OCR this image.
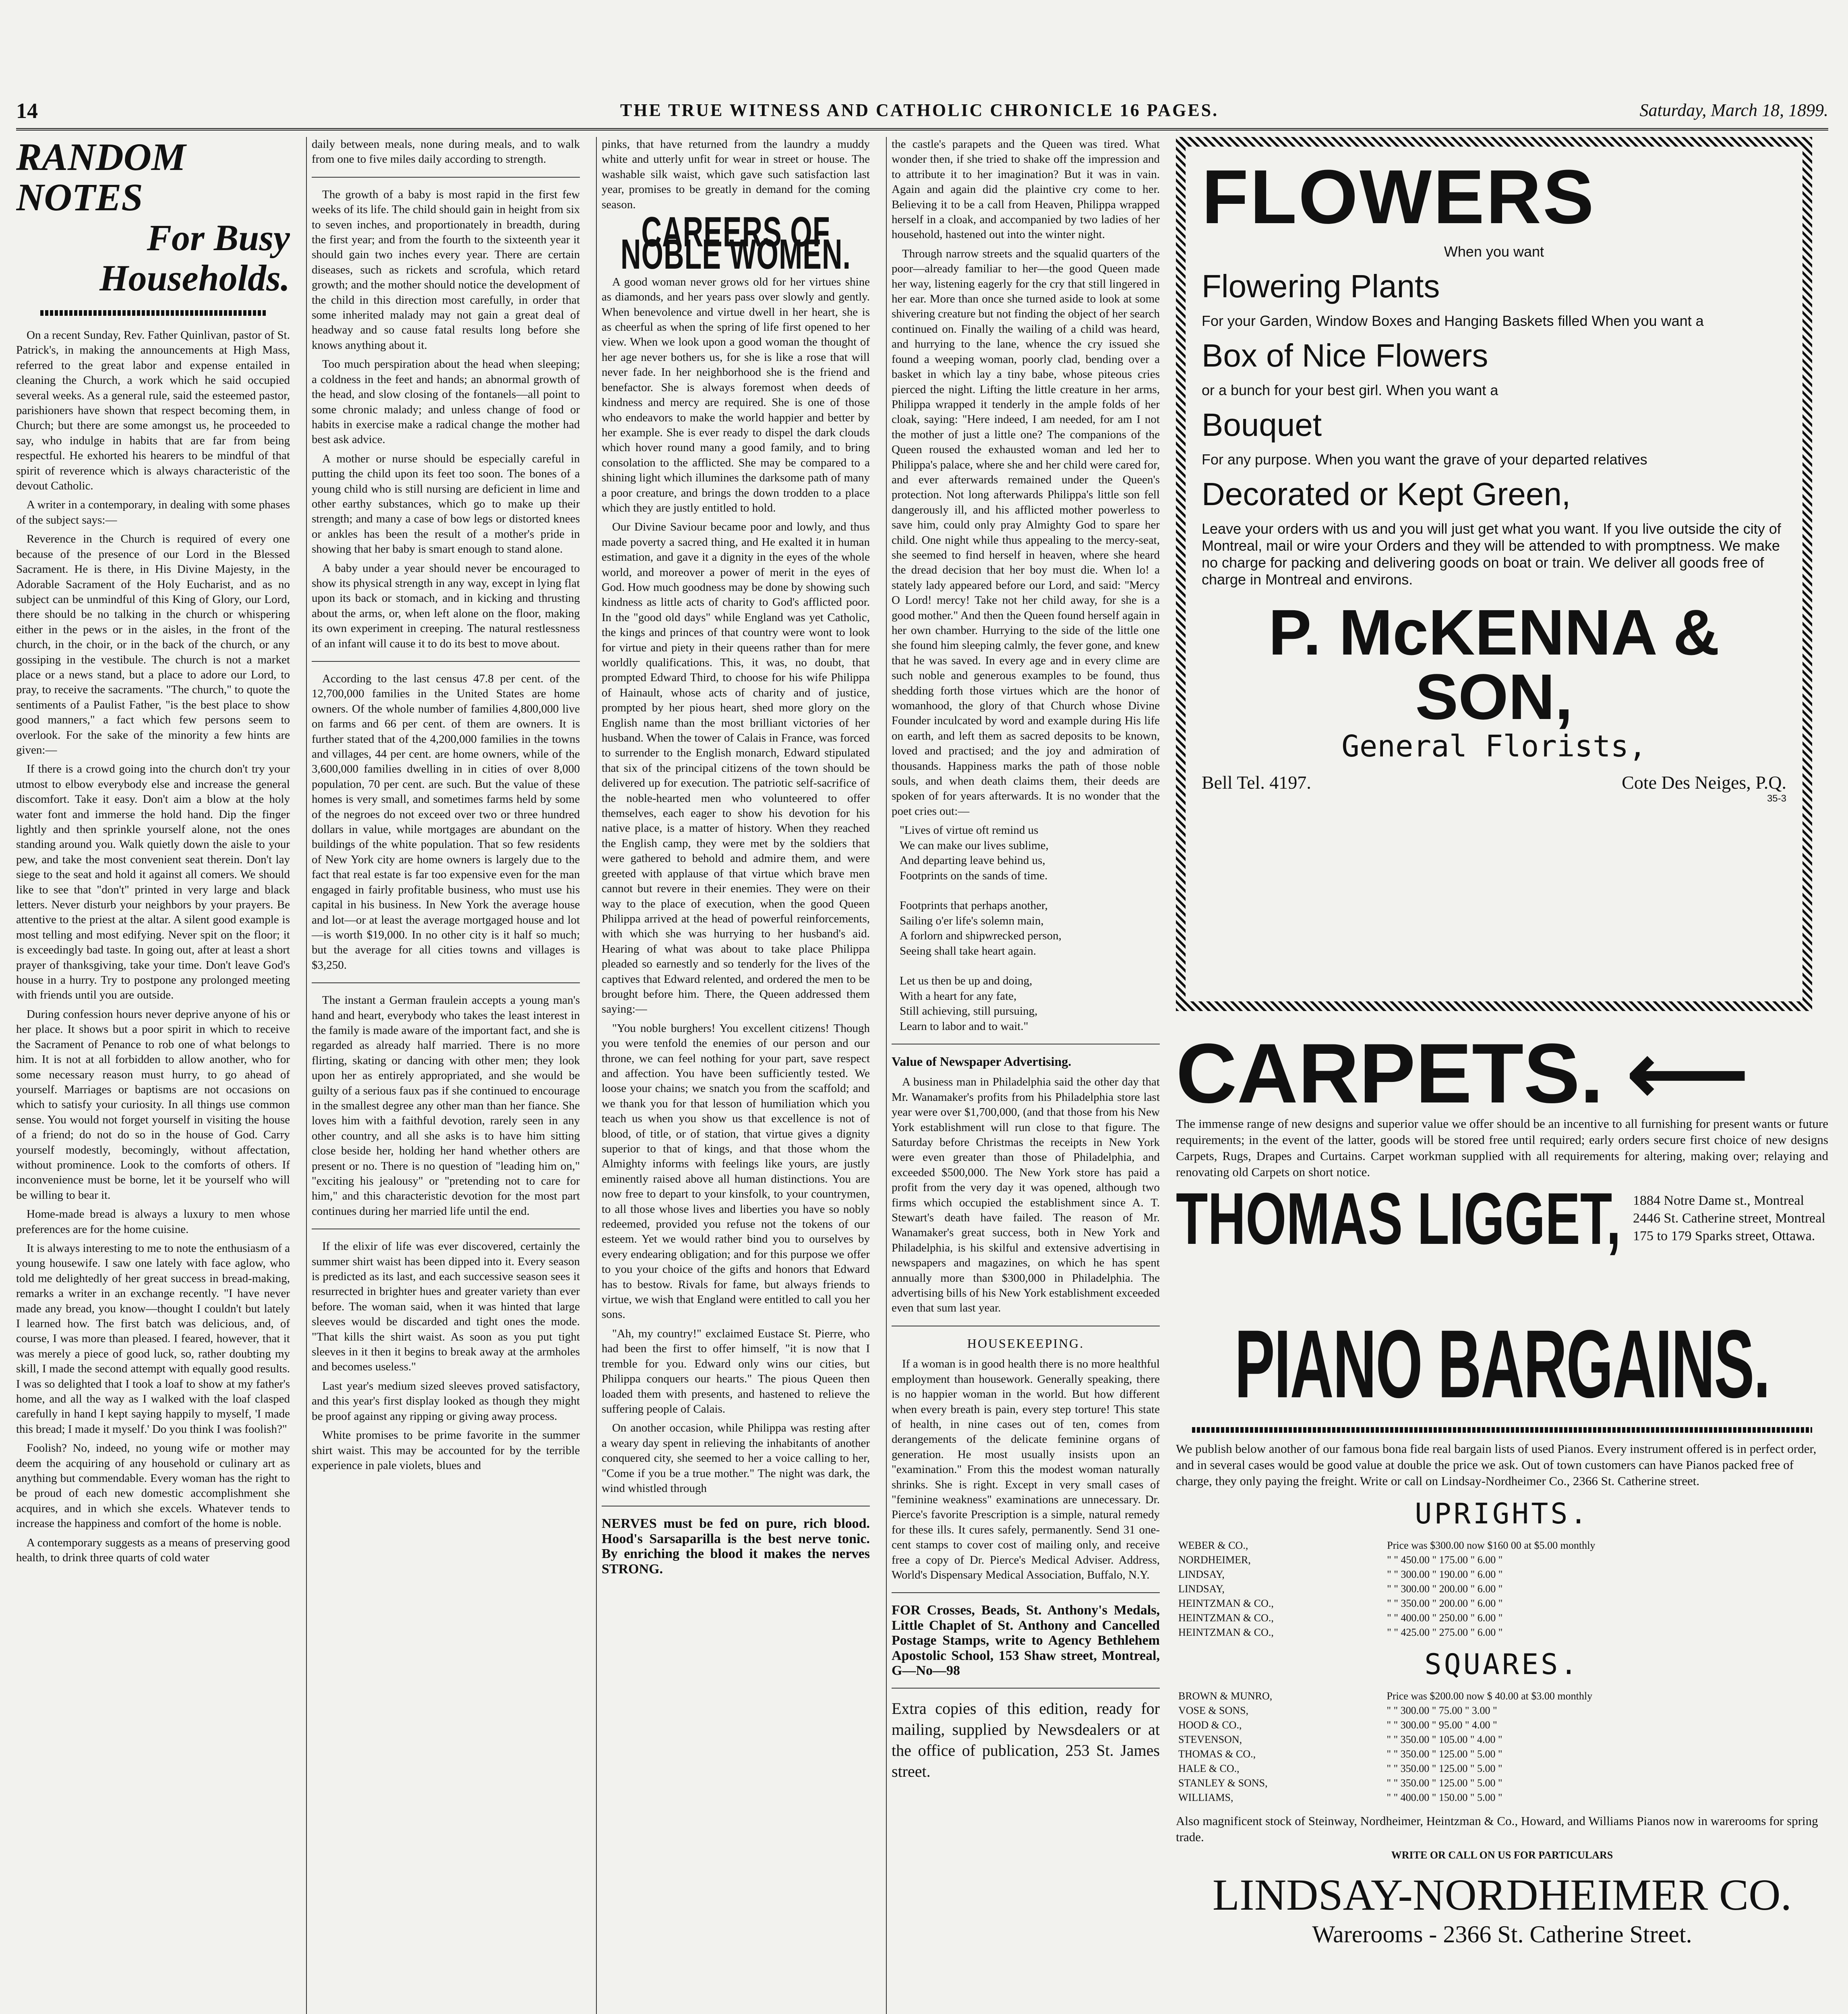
14	THE TRUE WITNESS AND CATHOLIC CHRONICLE 16 PAGES.	Saturday, March 18, 1899.
RANDOM NOTES
For Busy Households.

On a recent Sunday, Rev. Father Quinlivan, pastor of St. Patrick's, in making the announcements at High Mass, referred to the great labor and expense entailed in cleaning the Church, a work which he said occupied several weeks. As a general rule, said the esteemed pastor, parishioners have shown that respect becoming them, in Church; but there are some amongst us, he proceeded to say, who indulge in habits that are far from being respectful. He exhorted his hearers to be mindful of that spirit of reverence which is always characteristic of the devout Catholic.

A writer in a contemporary, in dealing with some phases of the subject says:—

Reverence in the Church is required of every one because of the presence of our Lord in the Blessed Sacrament. He is there, in His Divine Majesty, in the Adorable Sacrament of the Holy Eucharist, and as no subject can be unmindful of this King of Glory, our Lord, there should be no talking in the church or whispering either in the pews or in the aisles, in the front of the church, in the choir, or in the back of the church, or any gossiping in the vestibule. The church is not a market place or a news stand, but a place to adore our Lord, to pray, to receive the sacraments. "The church," to quote the sentiments of a Paulist Father, "is the best place to show good manners," a fact which few persons seem to overlook. For the sake of the minority a few hints are given:—

If there is a crowd going into the church don't try your utmost to elbow everybody else and increase the general discomfort. Take it easy. Don't aim a blow at the holy water font and immerse the hold hand. Dip the finger lightly and then sprinkle yourself alone, not the ones standing around you. Walk quietly down the aisle to your pew, and take the most convenient seat therein. Don't lay siege to the seat and hold it against all comers. We should like to see that "don't" printed in very large and black letters. Never disturb your neighbors by your prayers. Be attentive to the priest at the altar. A silent good example is most telling and most edifying. Never spit on the floor; it is exceedingly bad taste. In going out, after at least a short prayer of thanksgiving, take your time. Don't leave God's house in a hurry. Try to postpone any prolonged meeting with friends until you are outside.

During confession hours never deprive anyone of his or her place. It shows but a poor spirit in which to receive the Sacrament of Penance to rob one of what belongs to him. It is not at all forbidden to allow another, who for some necessary reason must hurry, to go ahead of yourself. Marriages or baptisms are not occasions on which to satisfy your curiosity. In all things use common sense. You would not forget yourself in visiting the house of a friend; do not do so in the house of God. Carry yourself modestly, becomingly, without affectation, without prominence. Look to the comforts of others. If inconvenience must be borne, let it be yourself who will be willing to bear it.

Home-made bread is always a luxury to men whose preferences are for the home cuisine.

It is always interesting to me to note the enthusiasm of a young housewife. I saw one lately with face aglow, who told me delightedly of her great success in bread-making, remarks a writer in an exchange recently. "I have never made any bread, you know—thought I couldn't but lately I learned how. The first batch was delicious, and, of course, I was more than pleased. I feared, however, that it was merely a piece of good luck, so, rather doubting my skill, I made the second attempt with equally good results. I was so delighted that I took a loaf to show at my father's home, and all the way as I walked with the loaf clasped carefully in hand I kept saying happily to myself, 'I made this bread; I made it myself.' Do you think I was foolish?"

Foolish? No, indeed, no young wife or mother may deem the acquiring of any household or culinary art as anything but commendable. Every woman has the right to be proud of each new domestic accomplishment she acquires, and in which she excels. Whatever tends to increase the happiness and comfort of the home is noble.

A contemporary suggests as a means of preserving good health, to drink three quarts of cold water

daily between meals, none during meals, and to walk from one to five miles daily according to strength.

The growth of a baby is most rapid in the first few weeks of its life. The child should gain in height from six to seven inches, and proportionately in breadth, during the first year; and from the fourth to the sixteenth year it should gain two inches every year. There are certain diseases, such as rickets and scrofula, which retard growth; and the mother should notice the development of the child in this direction most carefully, in order that some inherited malady may not gain a great deal of headway and so cause fatal results long before she knows anything about it.

Too much perspiration about the head when sleeping; a coldness in the feet and hands; an abnormal growth of the head, and slow closing of the fontanels—all point to some chronic malady; and unless change of food or habits in exercise make a radical change the mother had best ask advice.

A mother or nurse should be especially careful in putting the child upon its feet too soon. The bones of a young child who is still nursing are deficient in lime and other earthy substances, which go to make up their strength; and many a case of bow legs or distorted knees or ankles has been the result of a mother's pride in showing that her baby is smart enough to stand alone.

A baby under a year should never be encouraged to show its physical strength in any way, except in lying flat upon its back or stomach, and in kicking and thrusting about the arms, or, when left alone on the floor, making its own experiment in creeping. The natural restlessness of an infant will cause it to do its best to move about.

According to the last census 47.8 per cent. of the 12,700,000 families in the United States are home owners. Of the whole number of families 4,800,000 live on farms and 66 per cent. of them are owners. It is further stated that of the 4,200,000 families in the towns and villages, 44 per cent. are home owners, while of the 3,600,000 families dwelling in in cities of over 8,000 population, 70 per cent. are such. But the value of these homes is very small, and sometimes farms held by some of the negroes do not exceed over two or three hundred dollars in value, while mortgages are abundant on the buildings of the white population. That so few residents of New York city are home owners is largely due to the fact that real estate is far too expensive even for the man engaged in fairly profitable business, who must use his capital in his business. In New York the average house and lot—or at least the average mortgaged house and lot—is worth $19,000. In no other city is it half so much; but the average for all cities towns and villages is $3,250.

The instant a German fraulein accepts a young man's hand and heart, everybody who takes the least interest in the family is made aware of the important fact, and she is regarded as already half married. There is no more flirting, skating or dancing with other men; they look upon her as entirely appropriated, and she would be guilty of a serious faux pas if she continued to encourage in the smallest degree any other man than her fiance. She loves him with a faithful devotion, rarely seen in any other country, and all she asks is to have him sitting close beside her, holding her hand whether others are present or no. There is no question of "leading him on," "exciting his jealousy" or "pretending not to care for him," and this characteristic devotion for the most part continues during her married life until the end.

If the elixir of life was ever discovered, certainly the summer shirt waist has been dipped into it. Every season is predicted as its last, and each successive season sees it resurrected in brighter hues and greater variety than ever before. The woman said, when it was hinted that large sleeves would be discarded and tight ones the mode. "That kills the shirt waist. As soon as you put tight sleeves in it then it begins to break away at the armholes and becomes useless."

Last year's medium sized sleeves proved satisfactory, and this year's first display looked as though they might be proof against any ripping or giving away process.

White promises to be prime favorite in the summer shirt waist. This may be accounted for by the terrible experience in pale violets, blues and

pinks, that have returned from the laundry a muddy white and utterly unfit for wear in street or house. The washable silk waist, which gave such satisfaction last year, promises to be greatly in demand for the coming season.

CAREERS OF NOBLE WOMEN.

A good woman never grows old for her virtues shine as diamonds, and her years pass over slowly and gently. When benevolence and virtue dwell in her heart, she is as cheerful as when the spring of life first opened to her view. When we look upon a good woman the thought of her age never bothers us, for she is like a rose that will never fade. In her neighborhood she is the friend and benefactor. She is always foremost when deeds of kindness and mercy are required. She is one of those who endeavors to make the world happier and better by her example. She is ever ready to dispel the dark clouds which hover round many a good family, and to bring consolation to the afflicted. She may be compared to a shining light which illumines the darksome path of many a poor creature, and brings the down trodden to a place which they are justly entitled to hold.

Our Divine Saviour became poor and lowly, and thus made poverty a sacred thing, and He exalted it in human estimation, and gave it a dignity in the eyes of the whole world, and moreover a power of merit in the eyes of God. How much goodness may be done by showing such kindness as little acts of charity to God's afflicted poor. In the "good old days" while England was yet Catholic, the kings and princes of that country were wont to look for virtue and piety in their queens rather than for mere worldly qualifications. This, it was, no doubt, that prompted Edward Third, to choose for his wife Philippa of Hainault, whose acts of charity and of justice, prompted by her pious heart, shed more glory on the English name than the most brilliant victories of her husband. When the tower of Calais in France, was forced to surrender to the English monarch, Edward stipulated that six of the principal citizens of the town should be delivered up for execution. The patriotic self-sacrifice of the noble-hearted men who volunteered to offer themselves, each eager to show his devotion for his native place, is a matter of history. When they reached the English camp, they were met by the soldiers that were gathered to behold and admire them, and were greeted with applause of that virtue which brave men cannot but revere in their enemies. They were on their way to the place of execution, when the good Queen Philippa arrived at the head of powerful reinforcements, with which she was hurrying to her husband's aid. Hearing of what was about to take place Philippa pleaded so earnestly and so tenderly for the lives of the captives that Edward relented, and ordered the men to be brought before him. There, the Queen addressed them saying:—

"You noble burghers! You excellent citizens! Though you were tenfold the enemies of our person and our throne, we can feel nothing for your part, save respect and affection. You have been sufficiently tested. We loose your chains; we snatch you from the scaffold; and we thank you for that lesson of humiliation which you teach us when you show us that excellence is not of blood, of title, or of station, that virtue gives a dignity superior to that of kings, and that those whom the Almighty informs with feelings like yours, are justly eminently raised above all human distinctions. You are now free to depart to your kinsfolk, to your countrymen, to all those whose lives and liberties you have so nobly redeemed, provided you refuse not the tokens of our esteem. Yet we would rather bind you to ourselves by every endearing obligation; and for this purpose we offer to you your choice of the gifts and honors that Edward has to bestow. Rivals for fame, but always friends to virtue, we wish that England were entitled to call you her sons.

"Ah, my country!" exclaimed Eustace St. Pierre, who had been the first to offer himself, "it is now that I tremble for you. Edward only wins our cities, but Philippa conquers our hearts." The pious Queen then loaded them with presents, and hastened to relieve the suffering people of Calais.

On another occasion, while Philippa was resting after a weary day spent in relieving the inhabitants of another conquered city, she seemed to her a voice calling to her, "Come if you be a true mother." The night was dark, the wind whistled through

NERVES must be fed on pure, rich blood. Hood's Sarsaparilla is the best nerve tonic. By enriching the blood it makes the nerves STRONG.

the castle's parapets and the Queen was tired. What wonder then, if she tried to shake off the impression and to attribute it to her imagination? But it was in vain. Again and again did the plaintive cry come to her. Believing it to be a call from Heaven, Philippa wrapped herself in a cloak, and accompanied by two ladies of her household, hastened out into the winter night.

Through narrow streets and the squalid quarters of the poor—already familiar to her—the good Queen made her way, listening eagerly for the cry that still lingered in her ear. More than once she turned aside to look at some shivering creature but not finding the object of her search continued on. Finally the wailing of a child was heard, and hurrying to the lane, whence the cry issued she found a weeping woman, poorly clad, bending over a basket in which lay a tiny babe, whose piteous cries pierced the night. Lifting the little creature in her arms, Philippa wrapped it tenderly in the ample folds of her cloak, saying: "Here indeed, I am needed, for am I not the mother of just a little one? The companions of the Queen roused the exhausted woman and led her to Philippa's palace, where she and her child were cared for, and ever afterwards remained under the Queen's protection. Not long afterwards Philippa's little son fell dangerously ill, and his afflicted mother powerless to save him, could only pray Almighty God to spare her child. One night while thus appealing to the mercy-seat, she seemed to find herself in heaven, where she heard the dread decision that her boy must die. When lo! a stately lady appeared before our Lord, and said: "Mercy O Lord! mercy! Take not her child away, for she is a good mother." And then the Queen found herself again in her own chamber. Hurrying to the side of the little one she found him sleeping calmly, the fever gone, and knew that he was saved. In every age and in every clime are such noble and generous examples to be found, thus shedding forth those virtues which are the honor of womanhood, the glory of that Church whose Divine Founder inculcated by word and example during His life on earth, and left them as sacred deposits to be known, loved and practised; and the joy and admiration of thousands. Happiness marks the path of those noble souls, and when death claims them, their deeds are spoken of for years afterwards. It is no wonder that the poet cries out:—

"Lives of virtue oft remind us
We can make our lives sublime,
And departing leave behind us,
Footprints on the sands of time.

Footprints that perhaps another,
Sailing o'er life's solemn main,
A forlorn and shipwrecked person,
Seeing shall take heart again.

Let us then be up and doing,
With a heart for any fate,
Still achieving, still pursuing,
Learn to labor and to wait."
Value of Newspaper Advertising.

A business man in Philadelphia said the other day that Mr. Wanamaker's profits from his Philadelphia store last year were over $1,700,000, (and that those from his New York establishment will run close to that figure. The Saturday before Christmas the receipts in New York were even greater than those of Philadelphia, and exceeded $500,000. The New York store has paid a profit from the very day it was opened, although two firms which occupied the establishment since A. T. Stewart's death have failed. The reason of Mr. Wanamaker's great success, both in New York and Philadelphia, is his skilful and extensive advertising in newspapers and magazines, on which he has spent annually more than $300,000 in Philadelphia. The advertising bills of his New York establishment exceeded even that sum last year.

HOUSEKEEPING.

If a woman is in good health there is no more healthful employment than housework. Generally speaking, there is no happier woman in the world. But how different when every breath is pain, every step torture! This state of health, in nine cases out of ten, comes from derangements of the delicate feminine organs of generation. He most usually insists upon an "examination." From this the modest woman naturally shrinks. She is right. Except in very small cases of "feminine weakness" examinations are unnecessary. Dr. Pierce's favorite Prescription is a simple, natural remedy for these ills. It cures safely, permanently. Send 31 one-cent stamps to cover cost of mailing only, and receive free a copy of Dr. Pierce's Medical Adviser. Address, World's Dispensary Medical Association, Buffalo, N.Y.

FOR Crosses, Beads, St. Anthony's Medals, Little Chaplet of St. Anthony and Cancelled Postage Stamps, write to Agency Bethlehem Apostolic School, 153 Shaw street, Montreal, G—No—98

Extra copies of this edition, ready for mailing, supplied by Newsdealers or at the office of publication, 253 St. James street.

FLOWERS
When you want
Flowering Plants
For your Garden, Window Boxes and Hanging Baskets filled When you want a
Box of Nice Flowers
or a bunch for your best girl. When you want a
Bouquet
For any purpose. When you want the grave of your departed relatives
Decorated or Kept Green,
Leave your orders with us and you will just get what you want. If you live outside the city of Montreal, mail or wire your Orders and they will be attended to with promptness. We make no charge for packing and delivering goods on boat or train. We deliver all goods free of charge in Montreal and environs.
P. McKENNA & SON,
General Florists,
Bell Tel. 4197.	Cote Des Neiges, P.Q.
35-3
CARPETS. ⟵
The immense range of new designs and superior value we offer should be an incentive to all furnishing for present wants or future requirements; in the event of the latter, goods will be stored free until required; early orders secure first choice of new designs Carpets, Rugs, Drapes and Curtains. Carpet workman supplied with all requirements for altering, making over; relaying and renovating old Carpets on short notice.
THOMAS LIGGET, 1884 Notre Dame st., Montreal
2446 St. Catherine street, Montreal
175 to 179 Sparks street, Ottawa.
PIANO BARGAINS.
We publish below another of our famous bona fide real bargain lists of used Pianos. Every instrument offered is in perfect order, and in several cases would be good value at double the price we ask. Out of town customers can have Pianos packed free of charge, they only paying the freight. Write or call on Lindsay-Nordheimer Co., 2366 St. Catherine street.
UPRIGHTS.
WEBER & CO.,	Price was $300.00 now $160 00 at $5.00 monthly
NORDHEIMER,	" " 450.00 " 175.00 " 6.00 "
LINDSAY,	" " 300.00 " 190.00 " 6.00 "
LINDSAY,	" " 300.00 " 200.00 " 6.00 "
HEINTZMAN & CO.,	" " 350.00 " 200.00 " 6.00 "
HEINTZMAN & CO.,	" " 400.00 " 250.00 " 6.00 "
HEINTZMAN & CO.,	" " 425.00 " 275.00 " 6.00 "
SQUARES.
BROWN & MUNRO,	Price was $200.00 now $ 40.00 at $3.00 monthly
VOSE & SONS,	" " 300.00 " 75.00 " 3.00 "
HOOD & CO.,	" " 300.00 " 95.00 " 4.00 "
STEVENSON,	" " 350.00 " 105.00 " 4.00 "
THOMAS & CO.,	" " 350.00 " 125.00 " 5.00 "
HALE & CO.,	" " 350.00 " 125.00 " 5.00 "
STANLEY & SONS,	" " 350.00 " 125.00 " 5.00 "
WILLIAMS,	" " 400.00 " 150.00 " 5.00 "
Also magnificent stock of Steinway, Nordheimer, Heintzman & Co., Howard, and Williams Pianos now in warerooms for spring trade.
WRITE OR CALL ON US FOR PARTICULARS
LINDSAY-NORDHEIMER CO.
Warerooms - 2366 St. Catherine Street.
